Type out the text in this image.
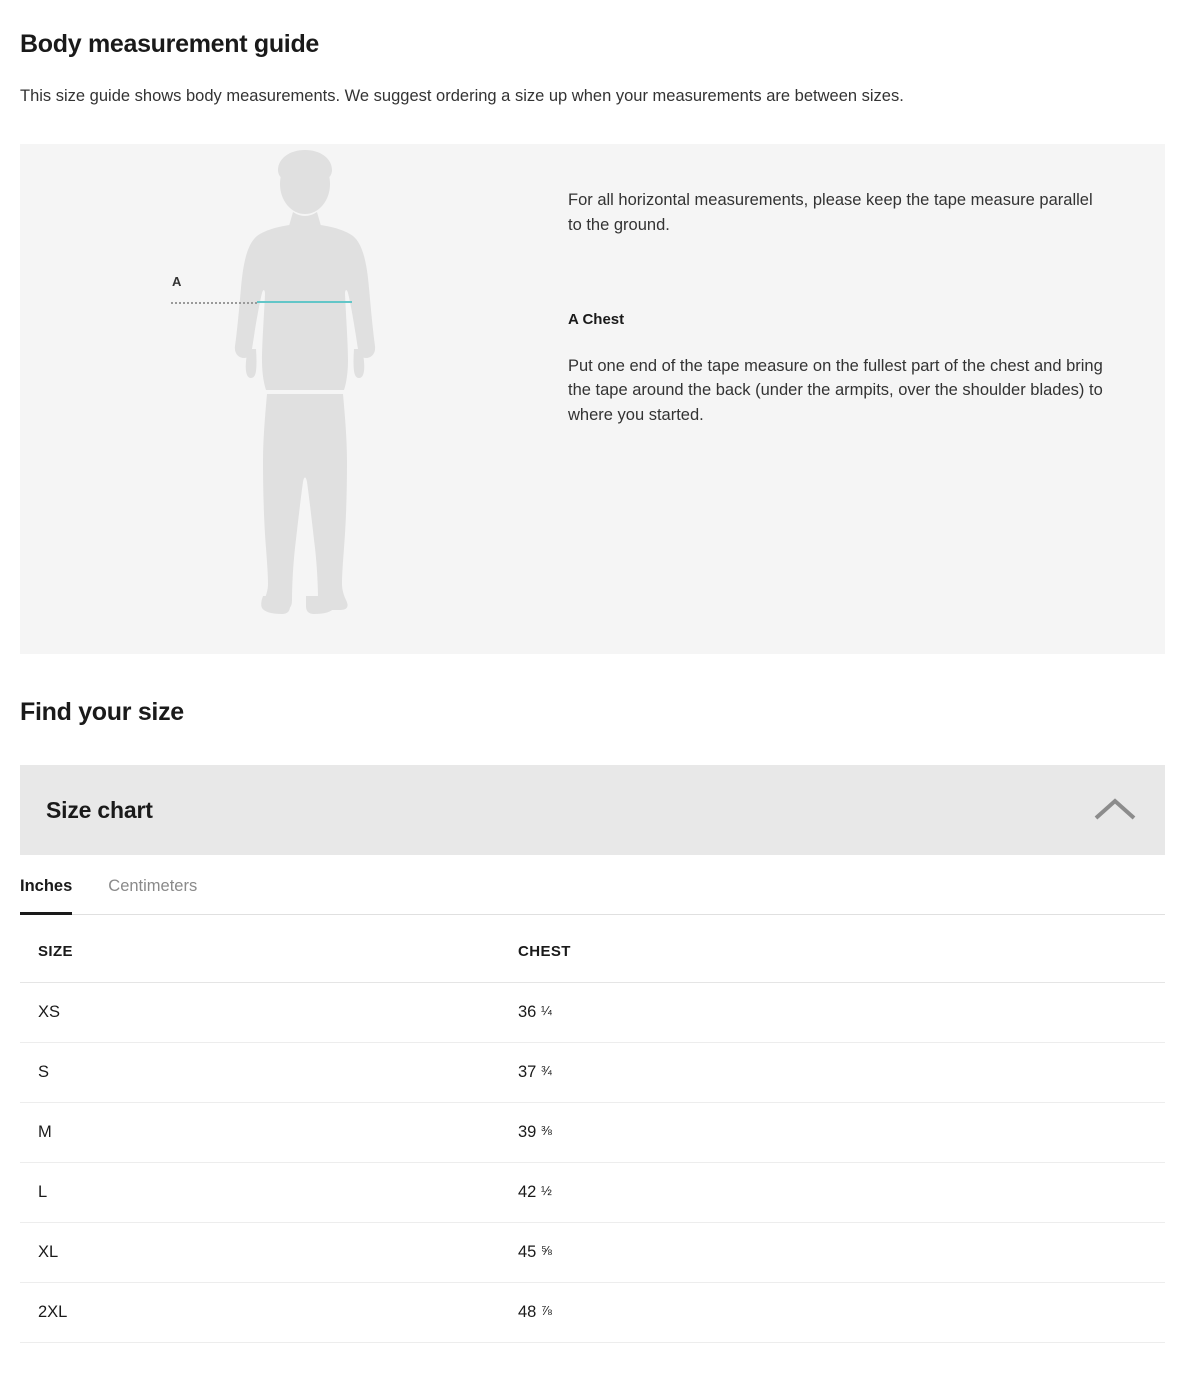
Body measurement guide

This size guide shows body measurements. We suggest ordering a size up when your measurements are between sizes.

A

For all horizontal measurements, please keep the tape measure parallel to the ground.

A Chest

Put one end of the tape measure on the fullest part of the chest and bring the tape around the back (under the armpits, over the shoulder blades) to where you started.

Find your size
Size chart
Inches Centimeters
SIZE	CHEST
XS	36 ¼
S	37 ¾
M	39 ⅜
L	42 ½
XL	45 ⅝
2XL	48 ⅞
